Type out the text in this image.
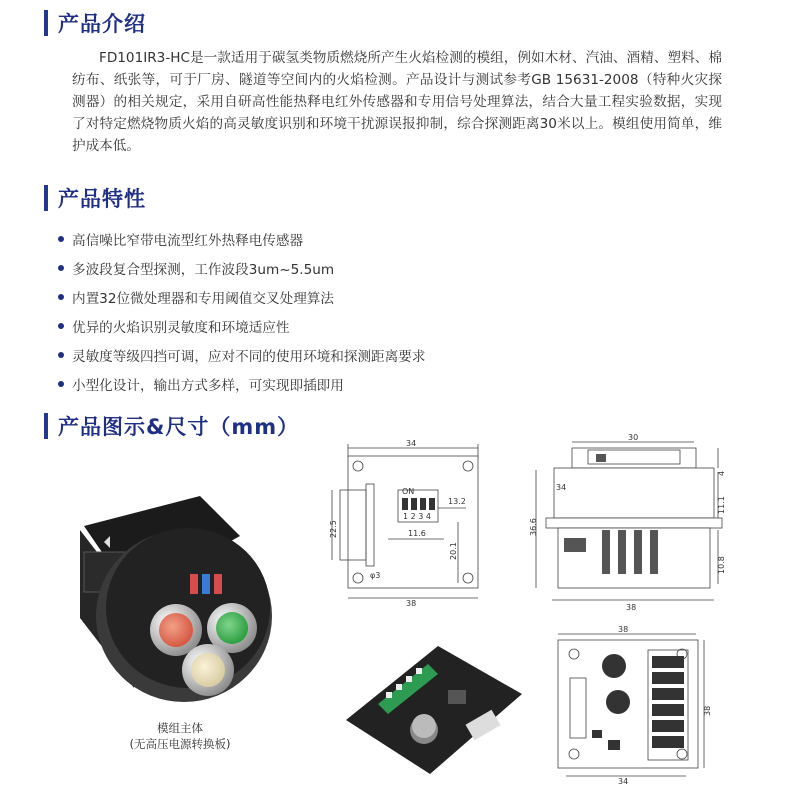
产品介绍
FD101IR3-HC是一款适用于碳氢类物质燃烧所产生火焰检测的模组，例如木材、汽油、酒精、塑料、棉纺布、纸张等，可于厂房、隧道等空间内的火焰检测。产品设计与测试参考GB 15631-2008（特种火灾探测器）的相关规定，采用自研高性能热释电红外传感器和专用信号处理算法，结合大量工程实验数据，实现了对特定燃烧物质火焰的高灵敏度识别和环境干扰源误报抑制，综合探测距离30米以上。模组使用简单，维护成本低。
产品特性
高信噪比窄带电流型红外热释电传感器
多波段复合型探测，工作波段3um~5.5um
内置32位微处理器和专用阈值交叉处理算法
优异的火焰识别灵敏度和环境适应性
灵敏度等级四挡可调，应对不同的使用环境和探测距离要求
小型化设计，输出方式多样，可实现即插即用
产品图示&尺寸（mm）
模组主体
(无高压电源转换板)
ON
1 2 3 4
34
13.2
22.5	11.6
20.1
φ3
38
30
34
36.6
4
11.1
10.8
38
38
38
34
